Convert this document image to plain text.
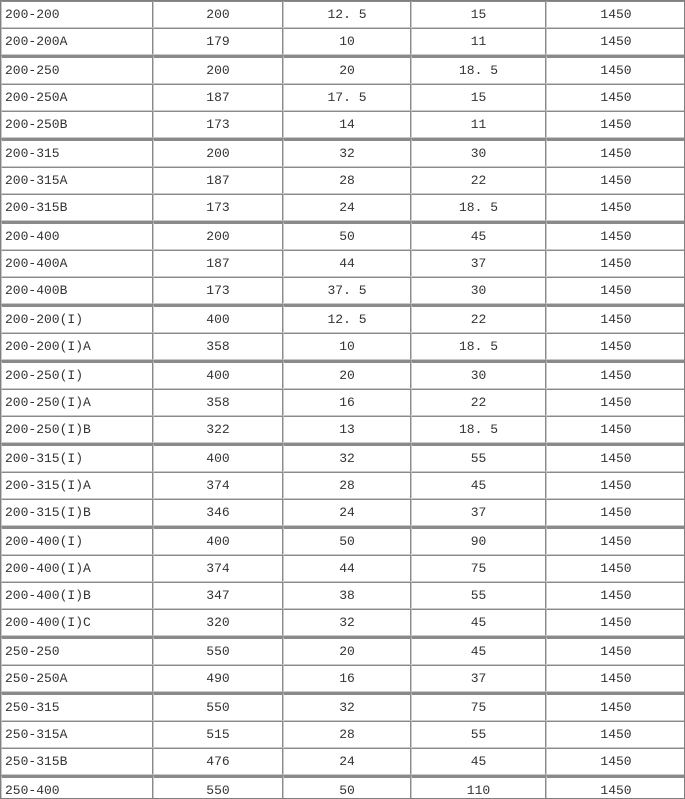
200-200	200	12. 5	15	1450
200-200A	179	10	11	1450
200-250	200	20	18. 5	1450
200-250A	187	17. 5	15	1450
200-250B	173	14	11	1450
200-315	200	32	30	1450
200-315A	187	28	22	1450
200-315B	173	24	18. 5	1450
200-400	200	50	45	1450
200-400A	187	44	37	1450
200-400B	173	37. 5	30	1450
200-200(I)	400	12. 5	22	1450
200-200(I)A	358	10	18. 5	1450
200-250(I)	400	20	30	1450
200-250(I)A	358	16	22	1450
200-250(I)B	322	13	18. 5	1450
200-315(I)	400	32	55	1450
200-315(I)A	374	28	45	1450
200-315(I)B	346	24	37	1450
200-400(I)	400	50	90	1450
200-400(I)A	374	44	75	1450
200-400(I)B	347	38	55	1450
200-400(I)C	320	32	45	1450
250-250	550	20	45	1450
250-250A	490	16	37	1450
250-315	550	32	75	1450
250-315A	515	28	55	1450
250-315B	476	24	45	1450
250-400	550	50	110	1450
